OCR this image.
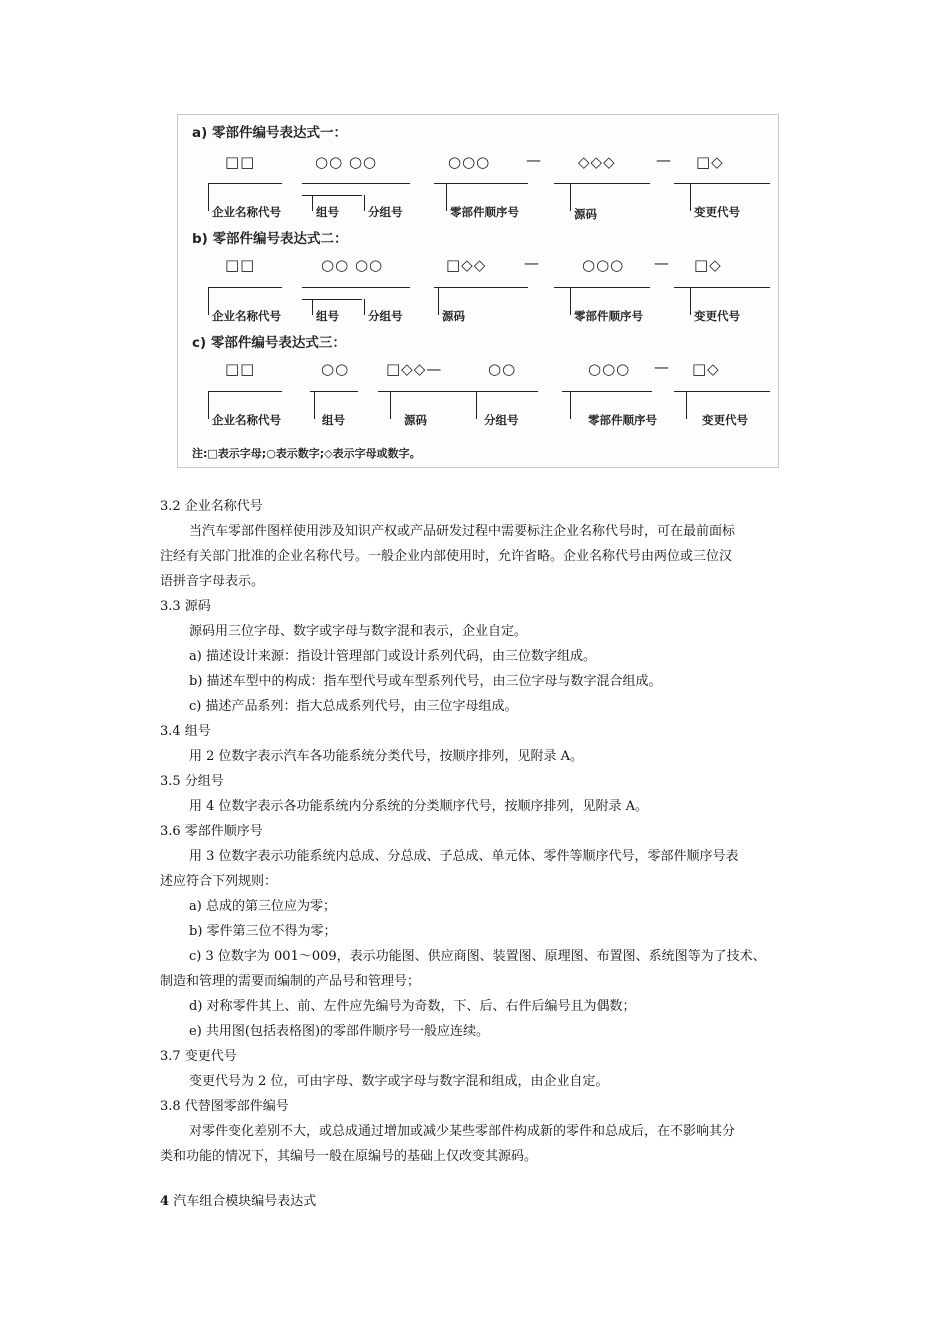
a) 零部件编号表达式一：
□□	○○ ○○	○○○ — ◇◇◇	— □◇
企业名称代号	组号	分组号	零部件顺序号	源码	变更代号
b) 零部件编号表达式二：
□□	○○ ○○	□◇◇	—	○○○ — □◇
企业名称代号	组号	分组号	源码	零部件顺序号	变更代号
c) 零部件编号表达式三：
□□	○○ □◇◇—	○○	○○○ — □◇
企业名称代号	组号	源码	分组号	零部件顺序号	变更代号
注:□表示字母;○表示数字;◇表示字母或数字。
3.2 企业名称代号
当汽车零部件图样使用涉及知识产权或产品研发过程中需要标注企业名称代号时，可在最前面标
注经有关部门批准的企业名称代号。一般企业内部使用时，允许省略。企业名称代号由两位或三位汉
语拼音字母表示。
3.3 源码
源码用三位字母、数字或字母与数字混和表示，企业自定。
a) 描述设计来源：指设计管理部门或设计系列代码，由三位数字组成。
b) 描述车型中的构成：指车型代号或车型系列代号，由三位字母与数字混合组成。
c) 描述产品系列：指大总成系列代号，由三位字母组成。
3.4 组号
用 2 位数字表示汽车各功能系统分类代号，按顺序排列，见附录 A。
3.5 分组号
用 4 位数字表示各功能系统内分系统的分类顺序代号，按顺序排列，见附录 A。
3.6 零部件顺序号
用 3 位数字表示功能系统内总成、分总成、子总成、单元体、零件等顺序代号，零部件顺序号表
述应符合下列规则：
a) 总成的第三位应为零；
b) 零件第三位不得为零；
c) 3 位数字为 001～009，表示功能图、供应商图、装置图、原理图、布置图、系统图等为了技术、
制造和管理的需要而编制的产品号和管理号；
d) 对称零件其上、前、左件应先编号为奇数，下、后、右件后编号且为偶数；
e) 共用图(包括表格图)的零部件顺序号一般应连续。
3.7 变更代号
变更代号为 2 位，可由字母、数字或字母与数字混和组成，由企业自定。
3.8 代替图零部件编号
对零件变化差别不大，或总成通过增加或减少某些零部件构成新的零件和总成后，在不影响其分
类和功能的情况下，其编号一般在原编号的基础上仅改变其源码。
4 汽车组合模块编号表达式
